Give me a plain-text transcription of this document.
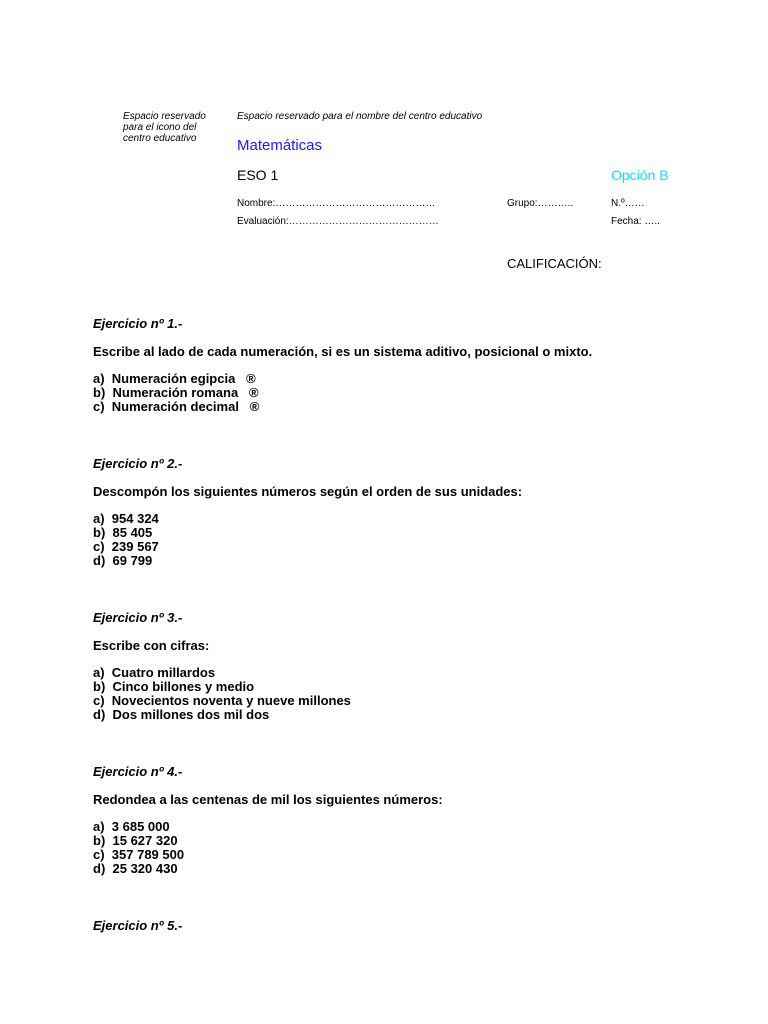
Espacio reservado
para el icono del
centro educativo
Espacio reservado para el nombre del centro educativo
Matemáticas
ESO 1	Opción B
Nombre:…………………………………………	Grupo:………..	N.º……
Evaluación:………………………………………	Fecha: …..
CALIFICACIÓN:

Ejercicio nº 1.-

Escribe al lado de cada numeración, si es un sistema aditivo, posicional o mixto.

a)  Numeración egipcia   ®
b)  Numeración romana   ®
c)  Numeración decimal   ®

Ejercicio nº 2.-

Descompón los siguientes números según el orden de sus unidades:

a)  954 324
b)  85 405
c)  239 567
d)  69 799

Ejercicio nº 3.-

Escribe con cifras:

a)  Cuatro millardos
b)  Cinco billones y medio
c)  Novecientos noventa y nueve millones
d)  Dos millones dos mil dos

Ejercicio nº 4.-

Redondea a las centenas de mil los siguientes números:

a)  3 685 000
b)  15 627 320
c)  357 789 500
d)  25 320 430

Ejercicio nº 5.-
